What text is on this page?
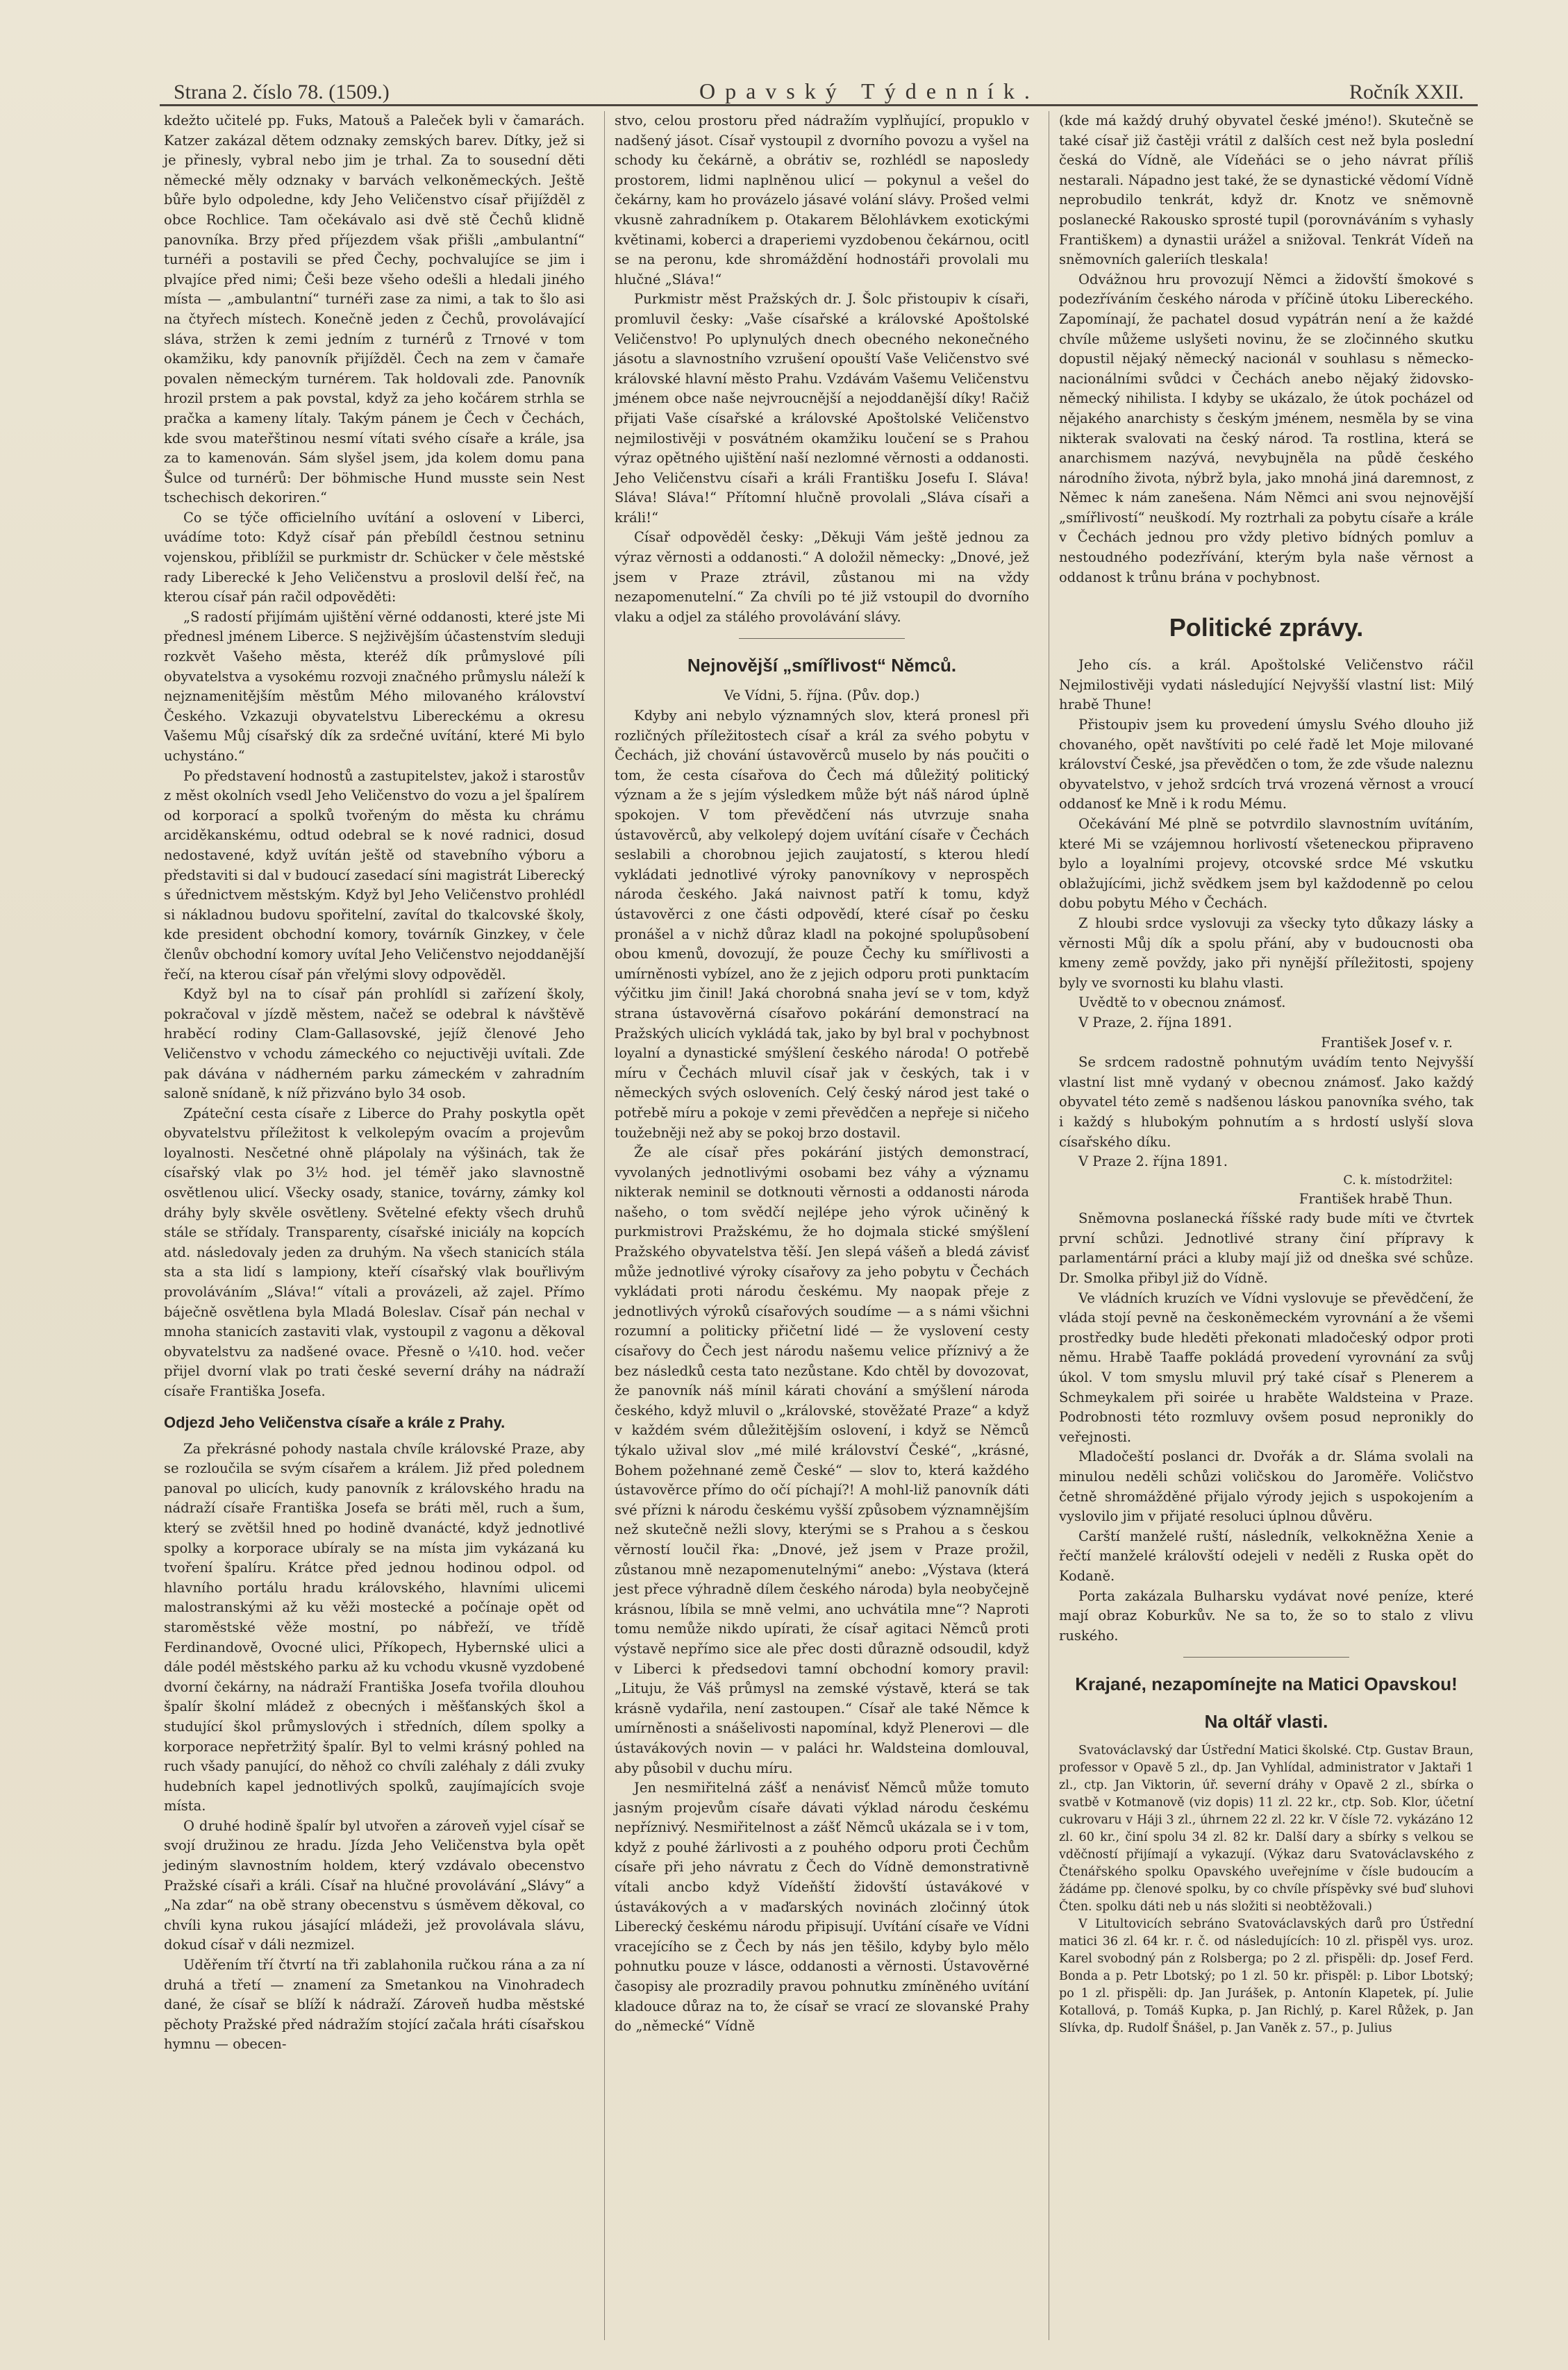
Strana 2. číslo 78. (1509.)	Opavský Týdenník.	Ročník XXII.

kdežto učitelé pp. Fuks, Matouš a Paleček byli v čamarách. Katzer zakázal dětem odznaky zemských barev. Dítky, jež si je přinesly, vybral nebo jim je trhal. Za to sousední děti německé měly odznaky v barvách velkoněmeckých. Ještě bůře bylo odpoledne, kdy Jeho Veličenstvo císař přijížděl z obce Rochlice. Tam očekávalo asi dvě stě Čechů klidně panovníka. Brzy před příjezdem však přišli „ambulantní“ turnéři a postavili se před Čechy, pochvalujíce se jim i plvajíce před nimi; Češi beze všeho odešli a hledali jiného místa — „ambulantní“ turnéři zase za nimi, a tak to šlo asi na čtyřech místech. Konečně jeden z Čechů, provolávající sláva, stržen k zemi jedním z turnérů z Trnové v tom okamžiku, kdy panovník přijížděl. Čech na zem v čamaře povalen německým turnérem. Tak holdovali zde. Panovník hrozil prstem a pak povstal, když za jeho kočárem strhla se pračka a kameny lítaly. Takým pánem je Čech v Čechách, kde svou mateřštinou nesmí vítati svého císaře a krále, jsa za to kamenován. Sám slyšel jsem, jda kolem domu pana Šulce od turnérů: Der böhmische Hund musste sein Nest tschechisch dekoriren.“

Co se týče officielního uvítání a oslovení v Liberci, uvádíme toto: Když císař pán přebíldl čestnou setninu vojenskou, přiblížil se purkmistr dr. Schücker v čele městské rady Liberecké k Jeho Veličenstvu a proslovil delší řeč, na kterou císař pán račil odpověděti:

„S radostí přijímám ujištění věrné oddanosti, které jste Mi přednesl jménem Liberce. S nejživějším účastenstvím sleduji rozkvět Vašeho města, kteréž dík průmyslové píli obyvatelstva a vysokému rozvoji značného průmyslu náleží k nejznamenitějším městům Mého milovaného království Českého. Vzkazuji obyvatelstvu Libereckému a okresu Vašemu Můj císařský dík za srdečné uvítání, které Mi bylo uchystáno.“

Po představení hodnostů a zastupitelstev, jakož i starostův z měst okolních vsedl Jeho Veličenstvo do vozu a jel špalírem od korporací a spolků tvořeným do města ku chrámu arciděkanskému, odtud odebral se k nové radnici, dosud nedostavené, když uvítán ještě od stavebního výboru a představiti si dal v budoucí zasedací síni magistrát Liberecký s úřednictvem městským. Když byl Jeho Veličenstvo prohlédl si nákladnou budovu spořitelní, zavítal do tkalcovské školy, kde president obchodní komory, továrník Ginzkey, v čele členův obchodní komory uvítal Jeho Veličenstvo nejoddanější řečí, na kterou císař pán vřelými slovy odpověděl.

Když byl na to císař pán prohlídl si zařízení školy, pokračoval v jízdě městem, načež se odebral k návštěvě hraběcí rodiny Clam-Gallasovské, jejíž členové Jeho Veličenstvo v vchodu zámeckého co nejuctivěji uvítali. Zde pak dávána v nádherném parku zámeckém v zahradním saloně snídaně, k níž přizváno bylo 34 osob.

Zpáteční cesta císaře z Liberce do Prahy poskytla opět obyvatelstvu příležitost k velkolepým ovacím a projevům loyalnosti. Nesčetné ohně plápolaly na výšinách, tak že císařský vlak po 3½ hod. jel téměř jako slavnostně osvětlenou ulicí. Všecky osady, stanice, továrny, zámky kol dráhy byly skvěle osvětleny. Světelné efekty všech druhů stále se střídaly. Transparenty, císařské iniciály na kopcích atd. následovaly jeden za druhým. Na všech stanicích stála sta a sta lidí s lampiony, kteří císařský vlak bouřlivým provoláváním „Sláva!“ vítali a provázeli, až zajel. Přímo báječně osvětlena byla Mladá Boleslav. Císař pán nechal v mnoha stanicích zastaviti vlak, vystoupil z vagonu a děkoval obyvatelstvu za nadšené ovace. Přesně o ¼10. hod. večer přijel dvorní vlak po trati české severní dráhy na nádraží císaře Františka Josefa.

Odjezd Jeho Veličenstva císaře a krále z Prahy.

Za překrásné pohody nastala chvíle královské Praze, aby se rozloučila se svým císařem a králem. Již před polednem panoval po ulicích, kudy panovník z královského hradu na nádraží císaře Františka Josefa se bráti měl, ruch a šum, který se zvětšil hned po hodině dvanácté, když jednotlivé spolky a korporace ubíraly se na místa jim vykázaná ku tvoření špalíru. Krátce před jednou hodinou odpol. od hlavního portálu hradu královského, hlavními ulicemi malostranskými až ku věži mostecké a počínaje opět od staroměstské věže mostní, po nábřeží, ve třídě Ferdinandově, Ovocné ulici, Příkopech, Hybernské ulici a dále podél městského parku až ku vchodu vkusně vyzdobené dvorní čekárny, na nádraží Františka Josefa tvořila dlouhou špalír školní mládež z obecných i měšťanských škol a studující škol průmyslových i středních, dílem spolky a korporace nepřetržitý špalír. Byl to velmi krásný pohled na ruch všady panující, do něhož co chvíli zaléhaly z dáli zvuky hudebních kapel jednotlivých spolků, zaujímajících svoje místa.

O druhé hodině špalír byl utvořen a zároveň vyjel císař se svojí družinou ze hradu. Jízda Jeho Veličenstva byla opět jediným slavnostním holdem, který vzdávalo obecenstvo Pražské císaři a králi. Císař na hlučné provolávání „Slávy“ a „Na zdar“ na obě strany obecenstvu s úsměvem děkoval, co chvíli kyna rukou jásající mládeži, jež provolávala slávu, dokud císař v dáli nezmizel.

Uděřením tří čtvrtí na tři zablahonila ručkou rána a za ní druhá a třetí — znamení za Smetankou na Vinohradech dané, že císař se blíží k nádraží. Zároveň hudba městské pěchoty Pražské před nádražím stojící začala hráti císařskou hymnu — obecen-

stvo, celou prostoru před nádražím vyplňující, propuklo v nadšený jásot. Císař vystoupil z dvorního povozu a vyšel na schody ku čekárně, a obrátiv se, rozhlédl se naposledy prostorem, lidmi naplněnou ulicí — pokynul a vešel do čekárny, kam ho provázelo jásavé volání slávy. Prošed velmi vkusně zahradníkem p. Otakarem Bělohlávkem exotickými květinami, koberci a draperiemi vyzdobenou čekárnou, ocitl se na peronu, kde shromáždění hodnostáři provolali mu hlučné „Sláva!“

Purkmistr měst Pražských dr. J. Šolc přistoupiv k císaři, promluvil česky: „Vaše císařské a královské Apoštolské Veličenstvo! Po uplynulých dnech obecného nekonečného jásotu a slavnostního vzrušení opouští Vaše Veličenstvo své královské hlavní město Prahu. Vzdávám Vašemu Veličenstvu jménem obce naše nejvroucnější a nejoddanější díky! Račiž přijati Vaše císařské a královské Apoštolské Veličenstvo nejmilostivěji v posvátném okamžiku loučení se s Prahou výraz opětného ujištění naší nezlomné věrnosti a oddanosti. Jeho Veličenstvu císaři a králi Františku Josefu I. Sláva! Sláva! Sláva!“ Přítomní hlučně provolali „Sláva císaři a králi!“

Císař odpověděl česky: „Děkuji Vám ještě jednou za výraz věrnosti a oddanosti.“ A doložil německy: „Dnové, jež jsem v Praze ztrávil, zůstanou mi na vždy nezapomenutelní.“ Za chvíli po té již vstoupil do dvorního vlaku a odjel za stálého provolávání slávy.

Nejnovější „smířlivost“ Němců.

Ve Vídni, 5. října. (Pův. dop.)

Kdyby ani nebylo významných slov, která pronesl při rozličných příležitostech císař a král za svého pobytu v Čechách, již chování ústavověrců muselo by nás poučiti o tom, že cesta císařova do Čech má důležitý politický význam a že s jejím výsledkem může být náš národ úplně spokojen. V tom převědčení nás utvrzuje snaha ústavověrců, aby velkolepý dojem uvítání císaře v Čechách seslabili a chorobnou jejich zaujatostí, s kterou hledí vykládati jednotlivé výroky panovníkovy v neprospěch národa českého. Jaká naivnost patří k tomu, když ústavověrci z one části odpovědí, které císař po česku pronášel a v nichž důraz kladl na pokojné spolupůsobení obou kmenů, dovozují, že pouze Čechy ku smířlivosti a umírněnosti vybízel, ano že z jejich odporu proti punktacím výčitku jim činil! Jaká chorobná snaha jeví se v tom, když strana ústavověrná císařovo pokárání demonstrací na Pražských ulicích vykládá tak, jako by byl bral v pochybnost loyalní a dynastické smýšlení českého národa! O potřebě míru v Čechách mluvil císař jak v českých, tak i v německých svých osloveních. Celý český národ jest také o potřebě míru a pokoje v zemi převědčen a nepřeje si ničeho toužebněji než aby se pokoj brzo dostavil.

Že ale císař přes pokárání jistých demonstrací, vyvolaných jednotlivými osobami bez váhy a významu nikterak neminil se dotknouti věrnosti a oddanosti národa našeho, o tom svědčí nejlépe jeho výrok učiněný k purkmistrovi Pražskému, že ho dojmala stické smýšlení Pražského obyvatelstva těší. Jen slepá vášeň a bledá závisť může jednotlivé výroky císařovy za jeho pobytu v Čechách vykládati proti národu českému. My naopak přeje z jednotlivých výroků císařových soudíme — a s námi všichni rozumní a politicky přičetní lidé — že vyslovení cesty císařovy do Čech jest národu našemu velice příznivý a že bez následků cesta tato nezůstane. Kdo chtěl by dovozovat, že panovník náš mínil kárati chování a smýšlení národa českého, když mluvil o „královské, stověžaté Praze“ a když v každém svém důležitějším oslovení, i když se Němců týkalo užival slov „mé milé království České“, „krásné, Bohem požehnané země České“ — slov to, která každého ústavověrce přímo do očí píchají?! A mohl-liž panovník dáti své přízni k národu českému vyšší způsobem významnějším než skutečně nežli slovy, kterými se s Prahou a s českou věrností loučil řka: „Dnové, jež jsem v Praze prožil, zůstanou mně nezapomenutelnými“ anebo: „Výstava (která jest přece výhradně dílem českého národa) byla neobyčejně krásnou, líbila se mně velmi, ano uchvátila mne“? Naproti tomu nemůže nikdo upírati, že císař agitaci Němců proti výstavě nepřímo sice ale přec dosti důrazně odsoudil, když v Liberci k předsedovi tamní obchodní komory pravil: „Lituju, že Váš průmysl na zemské výstavě, která se tak krásně vydařila, není zastoupen.“ Císař ale také Němce k umírněnosti a snášelivosti napomínal, když Plenerovi — dle ústavákových novin — v paláci hr. Waldsteina domlouval, aby působil v duchu míru.

Jen nesmiřitelná zášť a nenávisť Němců může tomuto jasným projevům císaře dávati výklad národu českému nepříznivý. Nesmiřitelnost a zášť Němců ukázala se i v tom, když z pouhé žárlivosti a z pouhého odporu proti Čechům císaře při jeho návratu z Čech do Vídně demonstrativně vítali ancbo když Vídeňští židovští ústavákové v ústavákových a v maďarských novinách zločinný útok Liberecký českému národu připisují. Uvítání císaře ve Vídni vracejícího se z Čech by nás jen těšilo, kdyby bylo mělo pohnutku pouze v lásce, oddanosti a věrnosti. Ústavověrné časopisy ale prozradily pravou pohnutku zmíněného uvítání kladouce důraz na to, že císař se vrací ze slovanské Prahy do „německé“ Vídně

(kde má každý druhý obyvatel české jméno!). Skutečně se také císař již častěji vrátil z dalších cest než byla poslední česká do Vídně, ale Vídeňáci se o jeho návrat příliš nestarali. Nápadno jest také, že se dynastické vědomí Vídně neprobudilo tenkrát, když dr. Knotz ve sněmovně poslanecké Rakousko sprosté tupil (porovnáváním s vyhasly Františkem) a dynastii urážel a snižoval. Tenkrát Vídeň na sněmovních galeriích tleskala!

Odvážnou hru provozují Němci a židovští šmokové s podezříváním českého národa v příčině útoku Libereckého. Zapomínají, že pachatel dosud vypátrán není a že každé chvíle můžeme uslyšeti novinu, že se zločinného skutku dopustil nějaký německý nacionál v souhlasu s německo-nacionálními svůdci v Čechách anebo nějaký židovsko-německý nihilista. I kdyby se ukázalo, že útok pocházel od nějakého anarchisty s českým jménem, nesměla by se vina nikterak svalovati na český národ. Ta rostlina, která se anarchismem nazývá, nevybujněla na půdě českého národního života, nýbrž byla, jako mnohá jiná daremnost, z Němec k nám zanešena. Nám Němci ani svou nejnovější „smířlivostí“ neuškodí. My roztrhali za pobytu císaře a krále v Čechách jednou pro vždy pletivo bídných pomluv a nestoudného podezřívání, kterým byla naše věrnost a oddanost k trůnu brána v pochybnost.

Politické zprávy.

Jeho cís. a král. Apoštolské Veličenstvo ráčil Nejmilostivěji vydati následující Nejvyšší vlastní list: Milý hrabě Thune!

Přistoupiv jsem ku provedení úmyslu Svého dlouho již chovaného, opět navštíviti po celé řadě let Moje milované království České, jsa převědčen o tom, že zde všude naleznu obyvatelstvo, v jehož srdcích trvá vrozená věrnost a vroucí oddanosť ke Mně i k rodu Mému.

Očekávání Mé plně se potvrdilo slavnostním uvítáním, které Mi se vzájemnou horlivostí všeteneckou připraveno bylo a loyalními projevy, otcovské srdce Mé vskutku oblažujícími, jichž svědkem jsem byl každodenně po celou dobu pobytu Mého v Čechách.

Z hloubi srdce vyslovuji za všecky tyto důkazy lásky a věrnosti Můj dík a spolu přání, aby v budoucnosti oba kmeny země povždy, jako při nynější příležitosti, spojeny byly ve svornosti ku blahu vlasti.

Uvědtě to v obecnou známosť.

V Praze, 2. října 1891.

František Josef v. r.

Se srdcem radostně pohnutým uvádím tento Nejvyšší vlastní list mně vydaný v obecnou známosť. Jako každý obyvatel této země s nadšenou láskou panovníka svého, tak i každý s hlubokým pohnutím a s hrdostí uslyší slova císařského díku.

V Praze 2. října 1891.

C. k. místodržitel:

František hrabě Thun.

Sněmovna poslanecká říšské rady bude míti ve čtvrtek první schůzi. Jednotlivé strany činí přípravy k parlamentární práci a kluby mají již od dneška své schůze. Dr. Smolka přibyl již do Vídně.

Ve vládních kruzích ve Vídni vyslovuje se převědčení, že vláda stojí pevně na českoněmeckém vyrovnání a že všemi prostředky bude hleděti překonati mladočeský odpor proti němu. Hrabě Taaffe pokládá provedení vyrovnání za svůj úkol. V tom smyslu mluvil prý také císař s Plenerem a Schmeykalem při soirée u hraběte Waldsteina v Praze. Podrobnosti této rozmluvy ovšem posud nepronikly do veřejnosti.

Mladočeští poslanci dr. Dvořák a dr. Sláma svolali na minulou neděli schůzi voličskou do Jaroměře. Voličstvo četně shromážděné přijalo výrody jejich s uspokojením a vyslovilo jim v přijaté resoluci úplnou důvěru.

Carští manželé ruští, následník, velkokněžna Xenie a řečtí manželé královští odejeli v neděli z Ruska opět do Kodaně.

Porta zakázala Bulharsku vydávat nové peníze, které mají obraz Koburkův. Ne sa to, že so to stalo z vlivu ruského.

Krajané, nezapomínejte na Matici Opavskou!
Na oltář vlasti.

Svatováclavský dar Ústřední Matici školské. Ctp. Gustav Braun, professor v Opavě 5 zl., dp. Jan Vyhlídal, administrator v Jaktaři 1 zl., ctp. Jan Viktorin, úř. severní dráhy v Opavě 2 zl., sbírka o svatbě v Kotmanově (viz dopis) 11 zl. 22 kr., ctp. Sob. Klor, účetní cukrovaru v Háji 3 zl., úhrnem 22 zl. 22 kr. V čísle 72. vykázáno 12 zl. 60 kr., činí spolu 34 zl. 82 kr. Další dary a sbírky s velkou se vděčností přijímají a vykazují. (Výkaz daru Svatováclavského z Čtenářského spolku Opavského uveřejníme v čísle budoucím a žádáme pp. členové spolku, by co chvíle příspěvky své buď sluhovi Čten. spolku dáti neb u nás složiti si neobtěžovali.)

V Litultovicích sebráno Svatováclavských darů pro Ústřední matici 36 zl. 64 kr. r. č. od následujících: 10 zl. přispěl vys. uroz. Karel svobodný pán z Rolsberga; po 2 zl. přispěli: dp. Josef Ferd. Bonda a p. Petr Lbotský; po 1 zl. 50 kr. přispěl: p. Libor Lbotský; po 1 zl. přispěli: dp. Jan Jurášek, p. Antonín Klapetek, pí. Julie Kotallová, p. Tomáš Kupka, p. Jan Richlý, p. Karel Růžek, p. Jan Slívka, dp. Rudolf Šnášel, p. Jan Vaněk z. 57., p. Julius
